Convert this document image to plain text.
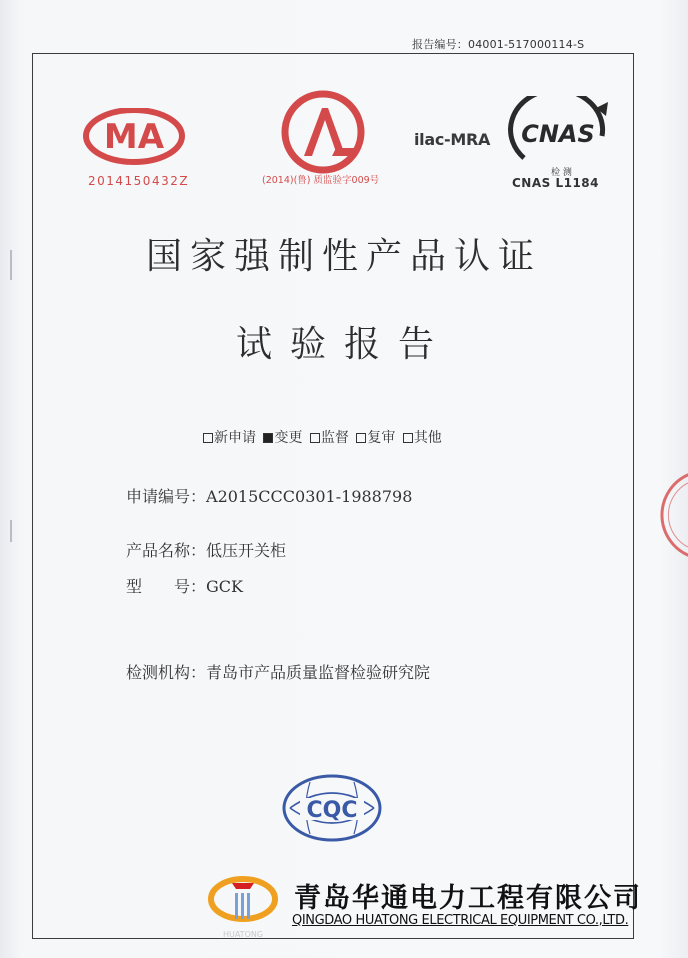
报告编号：04001-517000114-S
MA
2014150432Z
CAL
(2014)(鲁) 质监验字009号
ilac-MRA CNAS
检 测
CNAS L1184
国家强制性产品认证
试验报告
新申请 变更 监督 复审 其他
申请编号：A2015CCC0301-1988798
产品名称：低压开关柜
型 号：GCK
检测机构：青岛市产品质量监督检验研究院
CQC
HUATONG
青岛华通电力工程有限公司
QINGDAO HUATONG ELECTRICAL EQUIPMENT CO.,LTD.
